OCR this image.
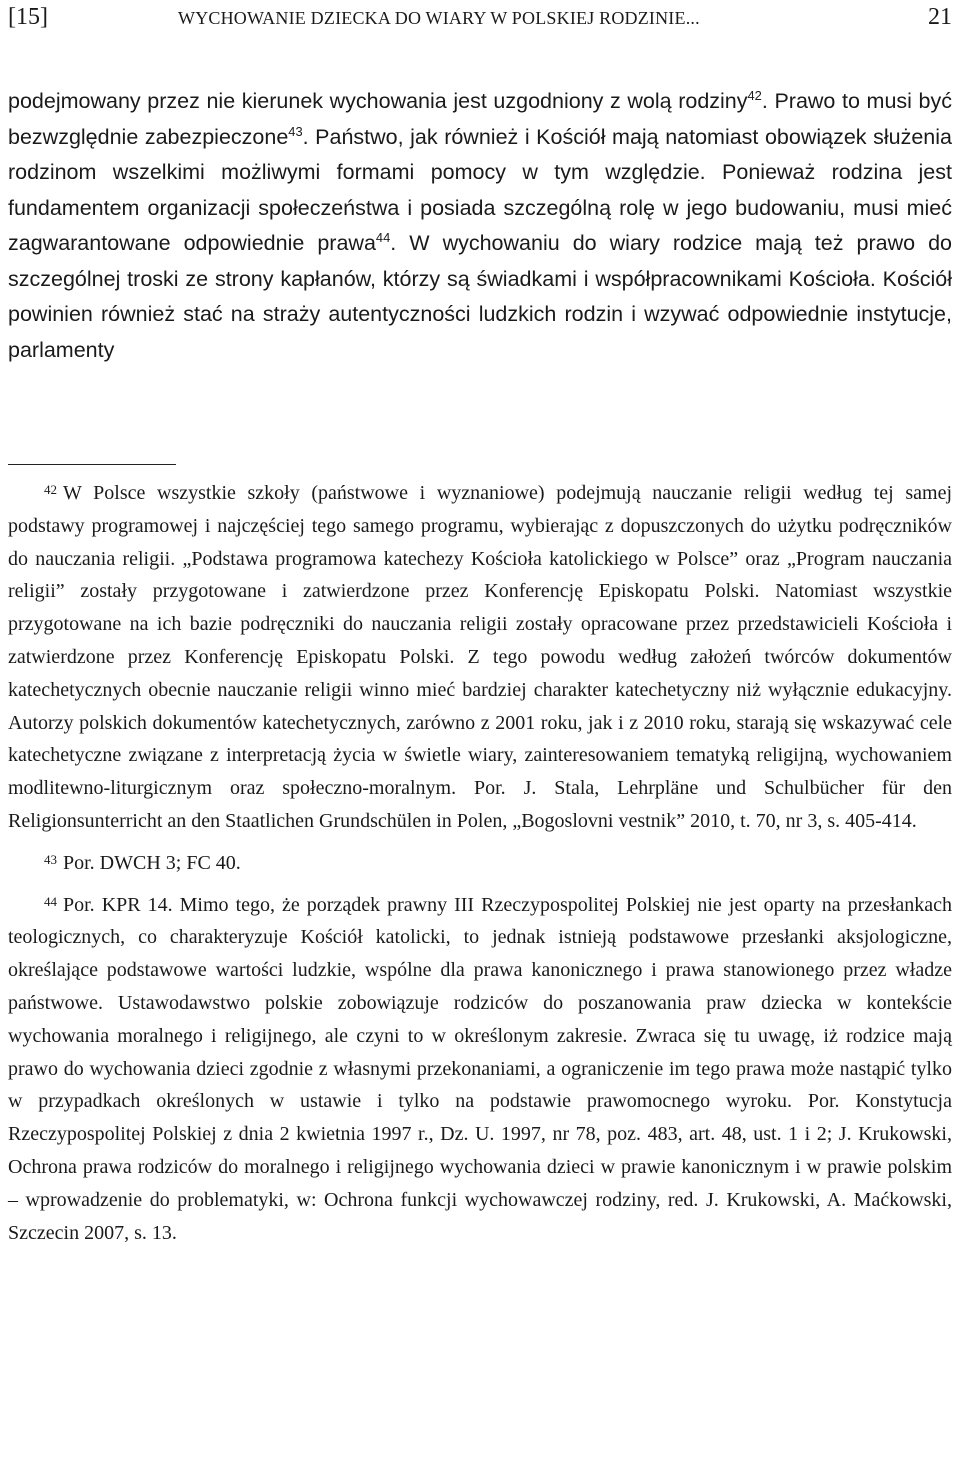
[15]	WYCHOWANIE DZIECKA DO WIARY W POLSKIEJ RODZINIE...	21

podejmowany przez nie kierunek wychowania jest uzgodniony z wolą rodziny$^{42}$. Prawo to musi być bezwzględnie zabezpieczone$^{43}$. Państwo, jak również i Kościół mają natomiast obowiązek służenia rodzinom wszelkimi możliwymi formami pomocy w tym względzie. Ponieważ rodzina jest fundamentem organizacji społeczeństwa i posiada szczególną rolę w jego budowaniu, musi mieć zagwarantowane odpowiednie prawa$^{44}$. W wychowaniu do wiary rodzice mają też prawo do szczególnej troski ze strony kapłanów, którzy są świadkami i współpracownikami Kościoła. Kościół powinien również stać na straży autentyczności ludzkich rodzin i wzywać odpowiednie instytucje, parlamenty

$^{42}$ W Polsce wszystkie szkoły (państwowe i wyznaniowe) podejmują nauczanie religii według tej samej podstawy programowej i najczęściej tego samego programu, wybierając z dopuszczonych do użytku podręczników do nauczania religii. „Podstawa programowa katechezy Kościoła katolickiego w Polsce” oraz „Program nauczania religii” zostały przygotowane i zatwierdzone przez Konferencję Episkopatu Polski. Natomiast wszystkie przygotowane na ich bazie podręczniki do nauczania religii zostały opracowane przez przedstawicieli Kościoła i zatwierdzone przez Konferencję Episkopatu Polski. Z tego powodu według założeń twórców dokumentów katechetycznych obecnie nauczanie religii winno mieć bardziej charakter katechetyczny niż wyłącznie edukacyjny. Autorzy polskich dokumentów katechetycznych, zarówno z 2001 roku, jak i z 2010 roku, starają się wskazywać cele katechetyczne związane z interpretacją życia w świetle wiary, zainteresowaniem tematyką religijną, wychowaniem modlitewno-liturgicznym oraz społeczno-moralnym. Por. J. Stala, Lehrpläne und Schulbücher für den Religionsunterricht an den Staatlichen Grundschülen in Polen, „Bogoslovni vestnik” 2010, t. 70, nr 3, s. 405-414.

$^{43}$ Por. DWCH 3; FC 40.

$^{44}$ Por. KPR 14. Mimo tego, że porządek prawny III Rzeczypospolitej Polskiej nie jest oparty na przesłankach teologicznych, co charakteryzuje Kościół katolicki, to jednak istnieją podstawowe przesłanki aksjologiczne, określające podstawowe wartości ludzkie, wspólne dla prawa kanonicznego i prawa stanowionego przez władze państwowe. Ustawodawstwo polskie zobowiązuje rodziców do poszanowania praw dziecka w kontekście wychowania moralnego i religijnego, ale czyni to w określonym zakresie. Zwraca się tu uwagę, iż rodzice mają prawo do wychowania dzieci zgodnie z własnymi przekonaniami, a ograniczenie im tego prawa może nastąpić tylko w przypadkach określonych w ustawie i tylko na podstawie prawomocnego wyroku. Por. Konstytucja Rzeczypospolitej Polskiej z dnia 2 kwietnia 1997 r., Dz. U. 1997, nr 78, poz. 483, art. 48, ust. 1 i 2; J. Krukowski, Ochrona prawa rodziców do moralnego i religijnego wychowania dzieci w prawie kanonicznym i w prawie polskim – wprowadzenie do problematyki, w: Ochrona funkcji wychowawczej rodziny, red. J. Krukowski, A. Maćkowski, Szczecin 2007, s. 13.
